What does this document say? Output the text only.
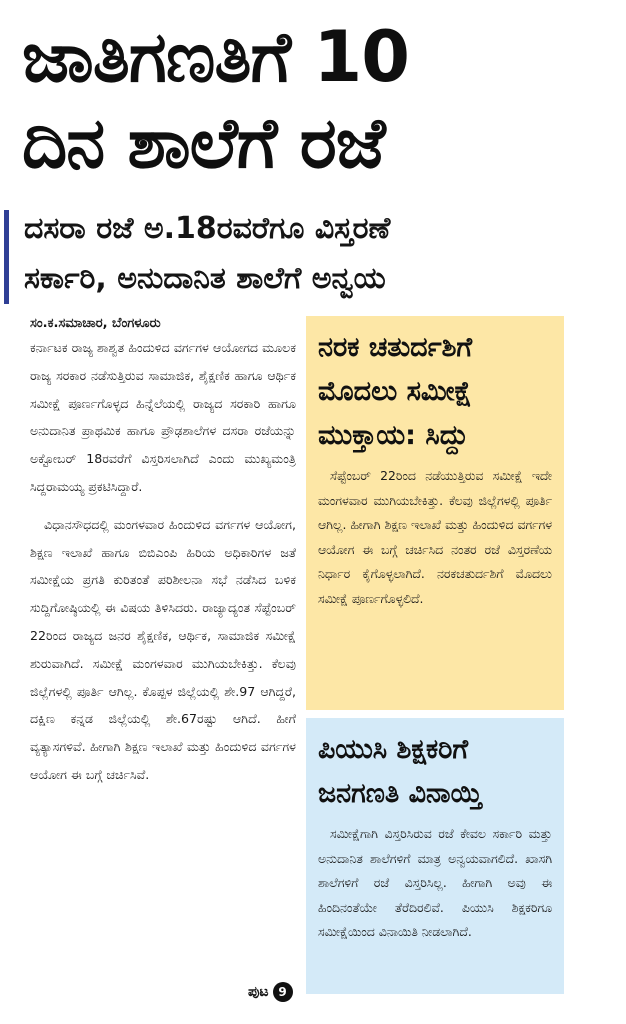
ಜಾತಿಗಣತಿಗೆ 10
ದಿನ ಶಾಲೆಗೆ ರಜೆ
ದಸರಾ ರಜೆ ಅ.18ರವರೆಗೂ ವಿಸ್ತರಣೆ
ಸರ್ಕಾರಿ, ಅನುದಾನಿತ ಶಾಲೆಗೆ ಅನ್ವಯ
ಸಂ.ಕ.ಸಮಾಚಾರ, ಬೆಂಗಳೂರು

ಕರ್ನಾಟಕ ರಾಜ್ಯ ಶಾಶ್ವತ ಹಿಂದುಳಿದ ವರ್ಗಗಳ ಆಯೋಗದ ಮೂಲಕ ರಾಜ್ಯ ಸರಕಾರ ನಡೆಸುತ್ತಿರುವ ಸಾಮಾಜಿಕ, ಶೈಕ್ಷಣಿಕ ಹಾಗೂ ಆರ್ಥಿಕ ಸಮೀಕ್ಷೆ ಪೂರ್ಣಗೊಳ್ಳದ ಹಿನ್ನೆಲೆಯಲ್ಲಿ ರಾಜ್ಯದ ಸರಕಾರಿ ಹಾಗೂ ಅನುದಾನಿತ ಪ್ರಾಥಮಿಕ ಹಾಗೂ ಪ್ರೌಢಶಾಲೆಗಳ ದಸರಾ ರಜೆಯನ್ನು ಅಕ್ಟೋಬರ್ 18ರವರೆಗೆ ವಿಸ್ತರಿಸಲಾಗಿದೆ ಎಂದು ಮುಖ್ಯಮಂತ್ರಿ ಸಿದ್ದರಾಮಯ್ಯ ಪ್ರಕಟಿಸಿದ್ದಾರೆ.

ವಿಧಾನಸೌಧದಲ್ಲಿ ಮಂಗಳವಾರ ಹಿಂದುಳಿದ ವರ್ಗಗಳ ಆಯೋಗ, ಶಿಕ್ಷಣ ಇಲಾಖೆ ಹಾಗೂ ಬಿಬಿಎಂಪಿ ಹಿರಿಯ ಅಧಿಕಾರಿಗಳ ಜತೆ ಸಮೀಕ್ಷೆಯ ಪ್ರಗತಿ ಕುರಿತಂತೆ ಪರಿಶೀಲನಾ ಸಭೆ ನಡೆಸಿದ ಬಳಿಕ ಸುದ್ದಿಗೋಷ್ಠಿಯಲ್ಲಿ ಈ ವಿಷಯ ತಿಳಿಸಿದರು. ರಾಜ್ಯಾದ್ಯಂತ ಸೆಪ್ಟೆಂಬರ್ 22ರಿಂದ ರಾಜ್ಯದ ಜನರ ಶೈಕ್ಷಣಿಕ, ಆರ್ಥಿಕ, ಸಾಮಾಜಿಕ ಸಮೀಕ್ಷೆ ಶುರುವಾಗಿದೆ. ಸಮೀಕ್ಷೆ ಮಂಗಳವಾರ ಮುಗಿಯಬೇಕಿತ್ತು. ಕೆಲವು ಜಿಲ್ಲೆಗಳಲ್ಲಿ ಪೂರ್ತಿ ಆಗಿಲ್ಲ. ಕೊಪ್ಪಳ ಜಿಲ್ಲೆಯಲ್ಲಿ ಶೇ.97 ಆಗಿದ್ದರೆ, ದಕ್ಷಿಣ ಕನ್ನಡ ಜಿಲ್ಲೆಯಲ್ಲಿ ಶೇ.67ರಷ್ಟು ಆಗಿದೆ. ಹೀಗೆ ವ್ಯತ್ಯಾಸಗಳಿವೆ. ಹೀಗಾಗಿ ಶಿಕ್ಷಣ ಇಲಾಖೆ ಮತ್ತು ಹಿಂದುಳಿದ ವರ್ಗಗಳ ಆಯೋಗ ಈ ಬಗ್ಗೆ ಚರ್ಚಿಸಿವೆ.

ಪುಟ 9
ನರಕ ಚತುರ್ದಶಿಗೆ
ಮೊದಲು ಸಮೀಕ್ಷೆ
ಮುಕ್ತಾಯ: ಸಿದ್ದು

ಸೆಪ್ಟೆಂಬರ್ 22ರಿಂದ ನಡೆಯುತ್ತಿರುವ ಸಮೀಕ್ಷೆ ಇದೇ ಮಂಗಳವಾರ ಮುಗಿಯಬೇಕಿತ್ತು. ಕೆಲವು ಜಿಲ್ಲೆಗಳಲ್ಲಿ ಪೂರ್ತಿ ಆಗಿಲ್ಲ. ಹೀಗಾಗಿ ಶಿಕ್ಷಣ ಇಲಾಖೆ ಮತ್ತು ಹಿಂದುಳಿದ ವರ್ಗಗಳ ಆಯೋಗ ಈ ಬಗ್ಗೆ ಚರ್ಚಿಸಿದ ನಂತರ ರಜೆ ವಿಸ್ತರಣೆಯ ನಿರ್ಧಾರ ಕೈಗೊಳ್ಳಲಾಗಿದೆ. ನರಕಚತುರ್ದಶಿಗೆ ಮೊದಲು ಸಮೀಕ್ಷೆ ಪೂರ್ಣಗೊಳ್ಳಲಿದೆ.

ಪಿಯುಸಿ ಶಿಕ್ಷಕರಿಗೆ
ಜನಗಣತಿ ವಿನಾಯ್ತಿ

ಸಮೀಕ್ಷೆಗಾಗಿ ವಿಸ್ತರಿಸಿರುವ ರಜೆ ಕೇವಲ ಸರ್ಕಾರಿ ಮತ್ತು ಅನುದಾನಿತ ಶಾಲೆಗಳಿಗೆ ಮಾತ್ರ ಅನ್ವಯವಾಗಲಿದೆ. ಖಾಸಗಿ ಶಾಲೆಗಳಿಗೆ ರಜೆ ವಿಸ್ತರಿಸಿಲ್ಲ. ಹೀಗಾಗಿ ಅವು ಈ ಹಿಂದಿನಂತೆಯೇ ತೆರೆದಿರಲಿವೆ. ಪಿಯುಸಿ ಶಿಕ್ಷಕರಿಗೂ ಸಮೀಕ್ಷೆಯಿಂದ ವಿನಾಯಿತಿ ನೀಡಲಾಗಿದೆ.
